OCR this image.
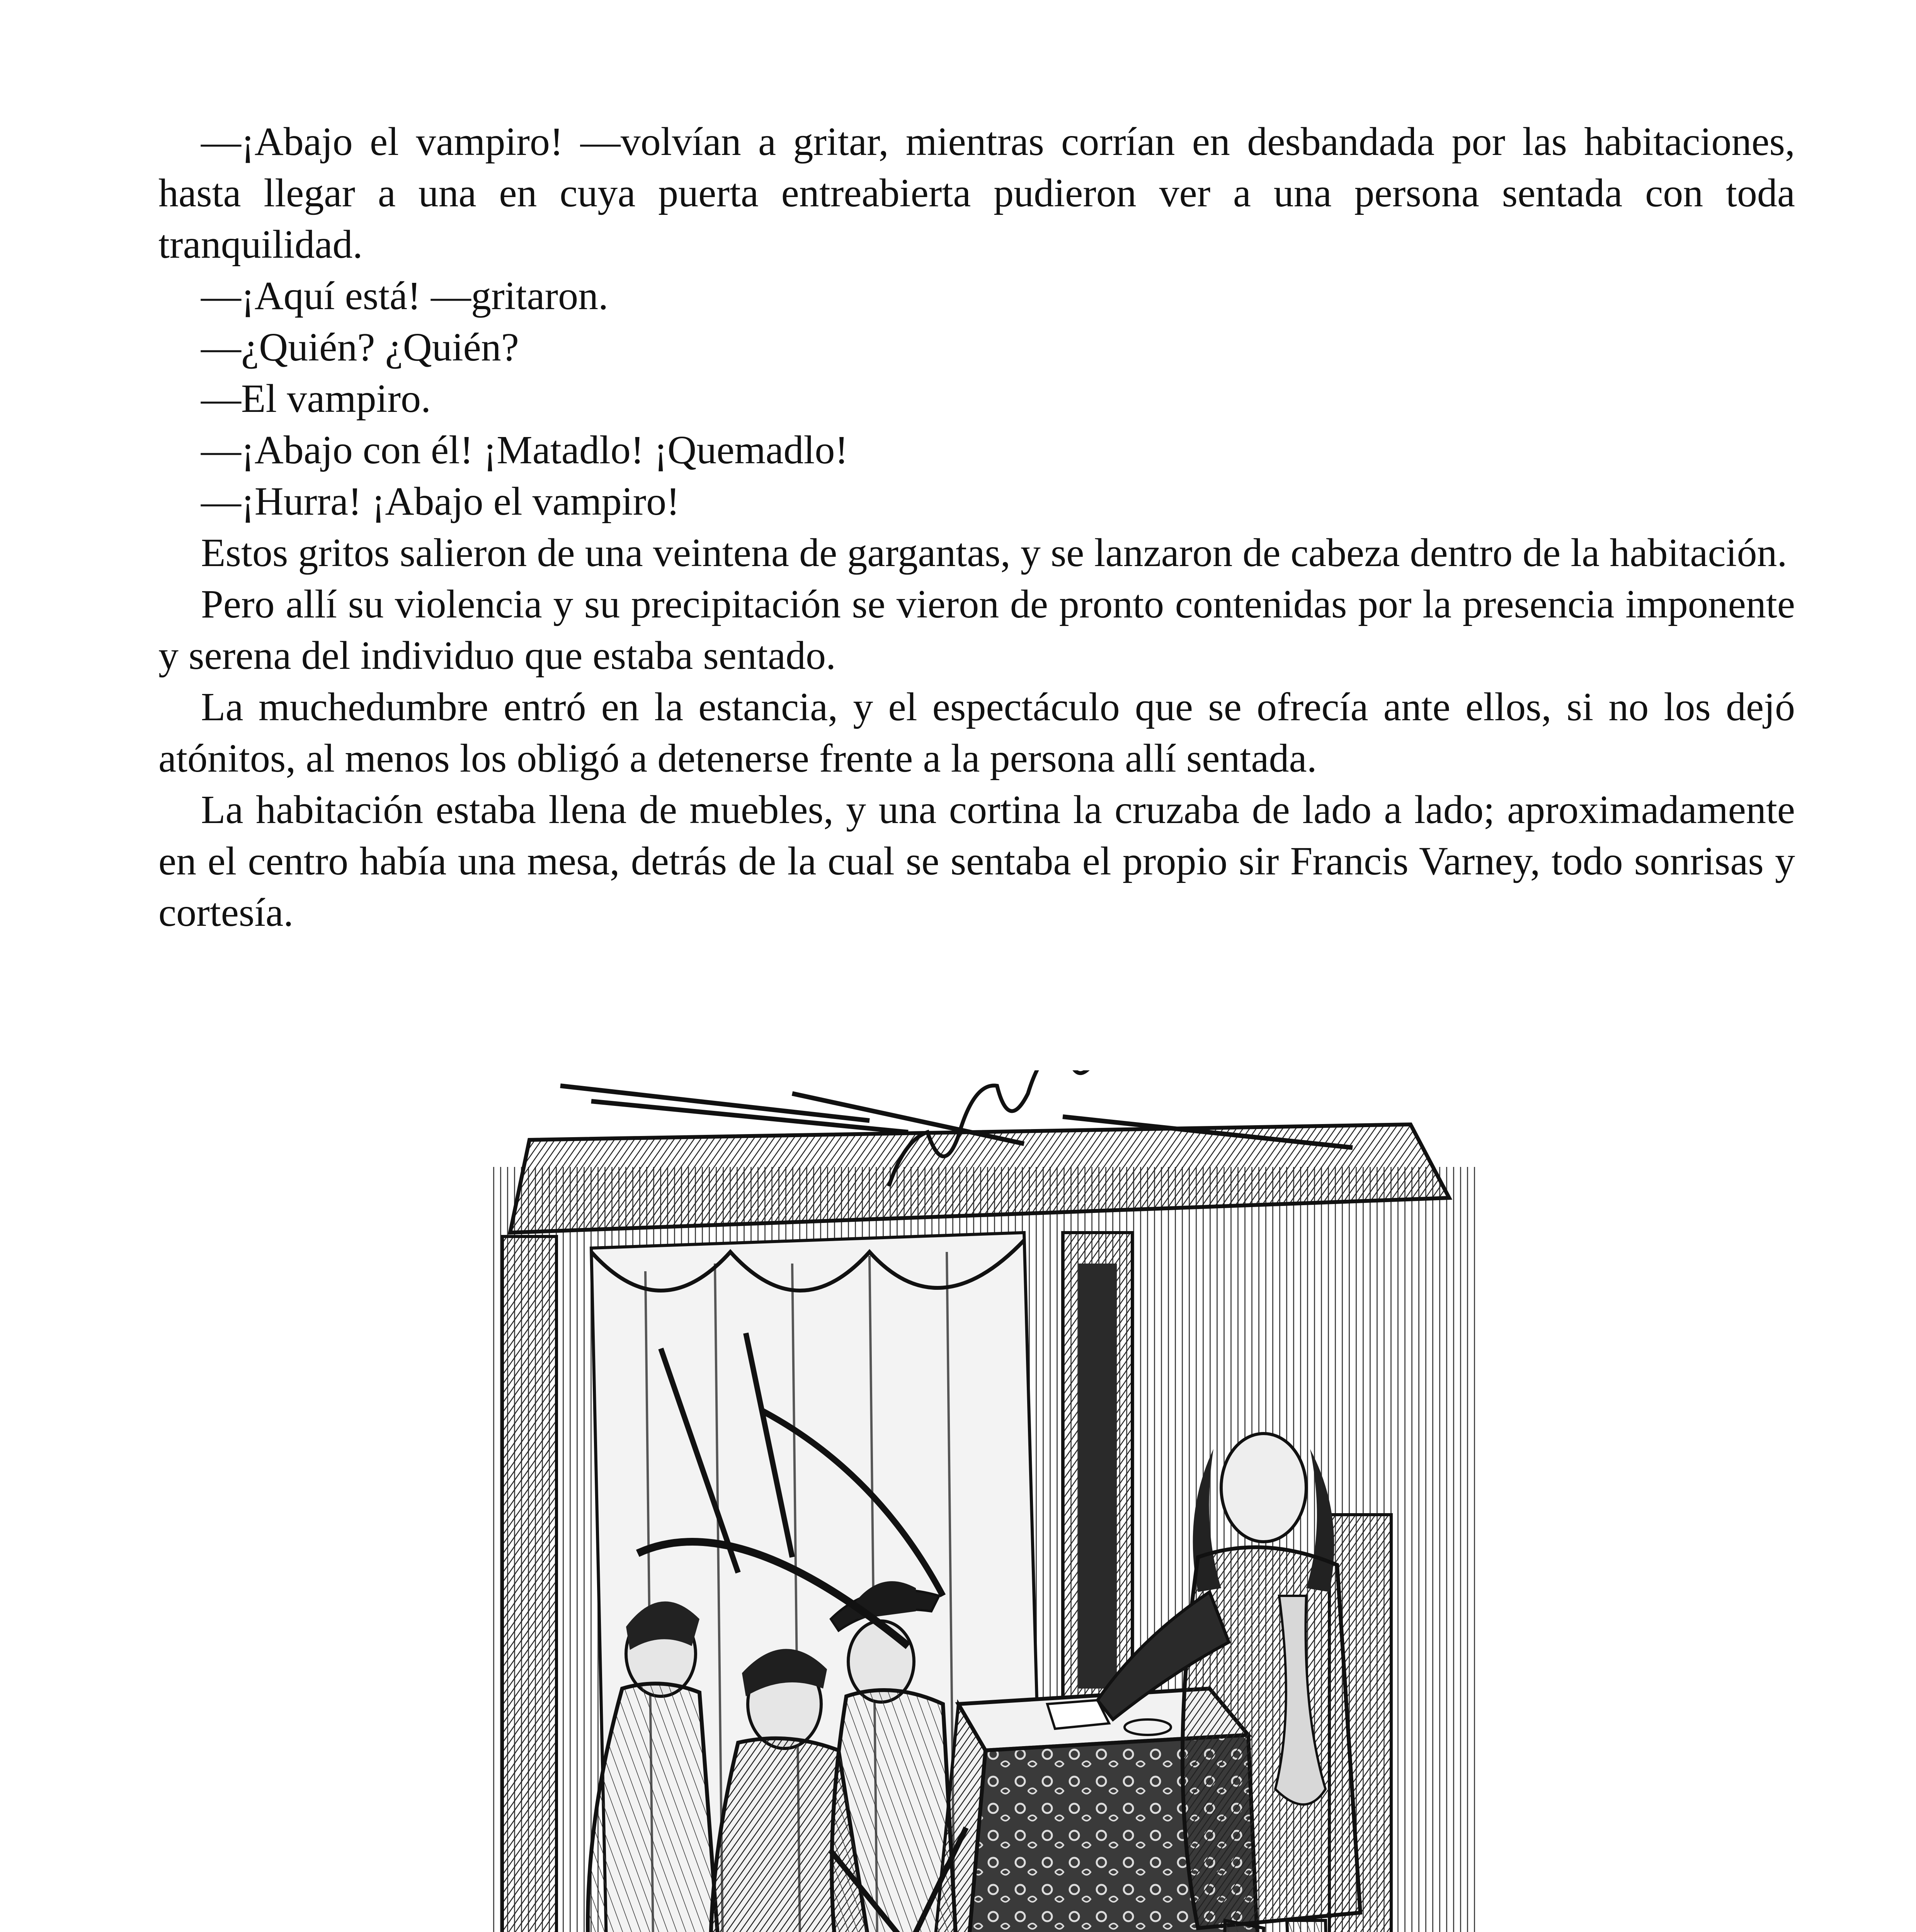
—¡Abajo el vampiro! —volvían a gritar, mientras corrían en desbandada por las habitaciones, hasta llegar a una en cuya puerta entreabierta pudieron ver a una persona sentada con toda tranquilidad.

—¡Aquí está! —gritaron.

—¿Quién? ¿Quién?

—El vampiro.

—¡Abajo con él! ¡Matadlo! ¡Quemadlo!

—¡Hurra! ¡Abajo el vampiro!

Estos gritos salieron de una veintena de gargantas, y se lanzaron de cabeza dentro de la habitación.

Pero allí su violencia y su precipitación se vieron de pronto contenidas por la presencia imponente y serena del individuo que estaba sentado.

La muchedumbre entró en la estancia, y el espectáculo que se ofrecía ante ellos, si no los dejó atónitos, al menos los obligó a detenerse frente a la persona allí sentada.

La habitación estaba llena de muebles, y una cortina la cruzaba de lado a lado; aproximadamente en el centro había una mesa, detrás de la cual se sentaba el propio sir Francis Varney, todo sonrisas y cortesía.
